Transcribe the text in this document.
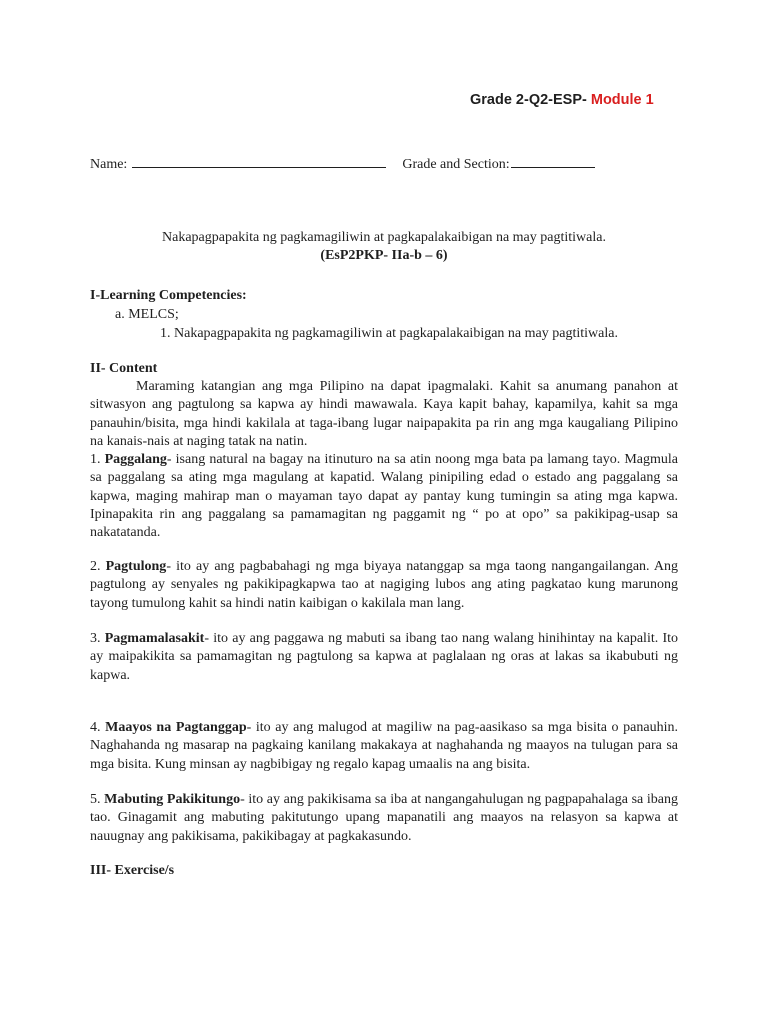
Grade 2-Q2-ESP- Module 1
Name:	Grade and Section:
Nakapagpapakita ng pagkamagiliwin at pagkapalakaibigan na may pagtitiwala.
(EsP2PKP- IIa-b – 6)
I-Learning Competencies:
a. MELCS;
1. Nakapagpapakita ng pagkamagiliwin at pagkapalakaibigan na may pagtitiwala.
II- Content

Maraming katangian ang mga Pilipino na dapat ipagmalaki. Kahit sa anumang panahon at sitwasyon ang pagtulong sa kapwa ay hindi mawawala. Kaya kapit bahay, kapamilya, kahit sa mga panauhin/bisita, mga hindi kakilala at taga-ibang lugar naipapakita pa rin ang mga kaugaliang Pilipino na kanais-nais at naging tatak na natin.

1. Paggalang- isang natural na bagay na itinuturo na sa atin noong mga bata pa lamang tayo. Magmula sa paggalang sa ating mga magulang at kapatid. Walang pinipiling edad o estado ang paggalang sa kapwa, maging mahirap man o mayaman tayo dapat ay pantay kung tumingin sa ating mga kapwa. Ipinapakita rin ang paggalang sa pamamagitan ng paggamit ng “ po at opo” sa pakikipag-usap sa nakatatanda.

2. Pagtulong- ito ay ang pagbabahagi ng mga biyaya natanggap sa mga taong nangangailangan. Ang pagtulong ay senyales ng pakikipagkapwa tao at nagiging lubos ang ating pagkatao kung marunong tayong tumulong kahit sa hindi natin kaibigan o kakilala man lang.

3. Pagmamalasakit- ito ay ang paggawa ng mabuti sa ibang tao nang walang hinihintay na kapalit. Ito ay maipakikita sa pamamagitan ng pagtulong sa kapwa at paglalaan ng oras at lakas sa ikabubuti ng kapwa.

4. Maayos na Pagtanggap- ito ay ang malugod at magiliw na pag-aasikaso sa mga bisita o panauhin. Naghahanda ng masarap na pagkaing kanilang makakaya at naghahanda ng maayos na tulugan para sa mga bisita. Kung minsan ay nagbibigay ng regalo kapag umaalis na ang bisita.

5. Mabuting Pakikitungo- ito ay ang pakikisama sa iba at nangangahulugan ng pagpapahalaga sa ibang tao. Ginagamit ang mabuting pakitutungo upang mapanatili ang maayos na relasyon sa kapwa at nauugnay ang pakikisama, pakikibagay at pagkakasundo.

III- Exercise/s
